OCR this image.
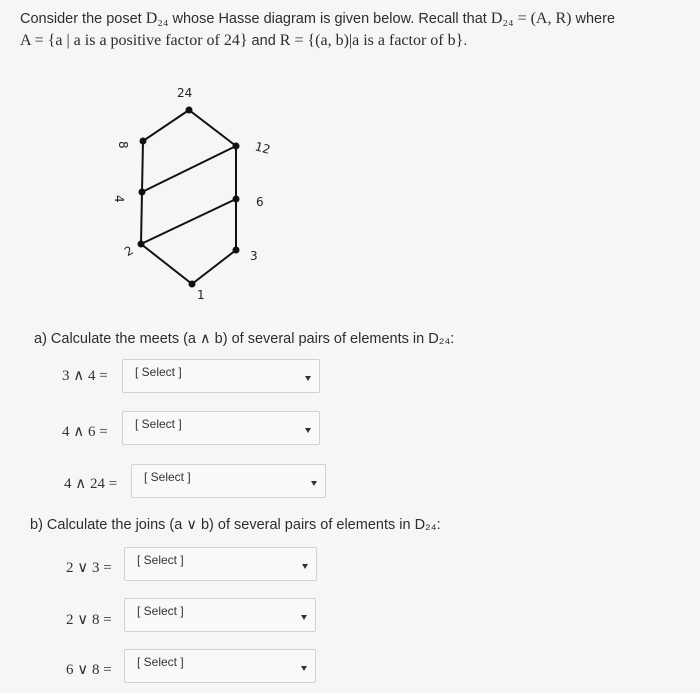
Consider the poset D₂₄ whose Hasse diagram is given below. Recall that D₂₄ = (A, R) where
A = {a | a is a positive factor of 24} and R = {(a, b)|a is a factor of b}.
24
8	12
4	6
2	3
1
a) Calculate the meets (a ∧ b) of several pairs of elements in D₂₄:
3 ∧ 4 = [ Select ]
4 ∧ 6 = [ Select ]
4 ∧ 24 = [ Select ]
b) Calculate the joins (a ∨ b) of several pairs of elements in D₂₄:
2 ∨ 3 = [ Select ]
2 ∨ 8 =
[ Select ]
6 ∨ 8 = [ Select ]
